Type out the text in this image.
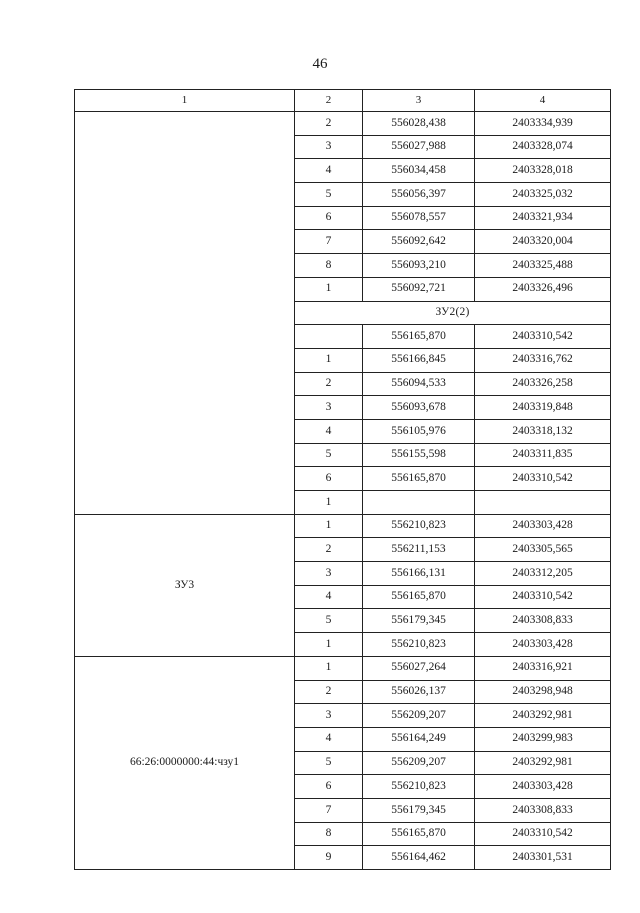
46
1	2	3	4
	2	556028,438	2403334,939
	3	556027,988	2403328,074
	4	556034,458	2403328,018
	5	556056,397	2403325,032
	6	556078,557	2403321,934
	7	556092,642	2403320,004
	8	556093,210	2403325,488
	1	556092,721	2403326,496
	ЗУ2(2)		
		556165,870	2403310,542
	1	556166,845	2403316,762
	2	556094,533	2403326,258
	3	556093,678	2403319,848
	4	556105,976	2403318,132
	5	556155,598	2403311,835
	6	556165,870	2403310,542
	1		
ЗУ3	1	556210,823	2403303,428
	2	556211,153	2403305,565
	3	556166,131	2403312,205
	4	556165,870	2403310,542
	5	556179,345	2403308,833
	1	556210,823	2403303,428
66:26:0000000:44:чзу1	1	556027,264	2403316,921
	2	556026,137	2403298,948
	3	556209,207	2403292,981
	4	556164,249	2403299,983
	5	556209,207	2403292,981
	6	556210,823	2403303,428
	7	556179,345	2403308,833
	8	556165,870	2403310,542
	9	556164,462	2403301,531
